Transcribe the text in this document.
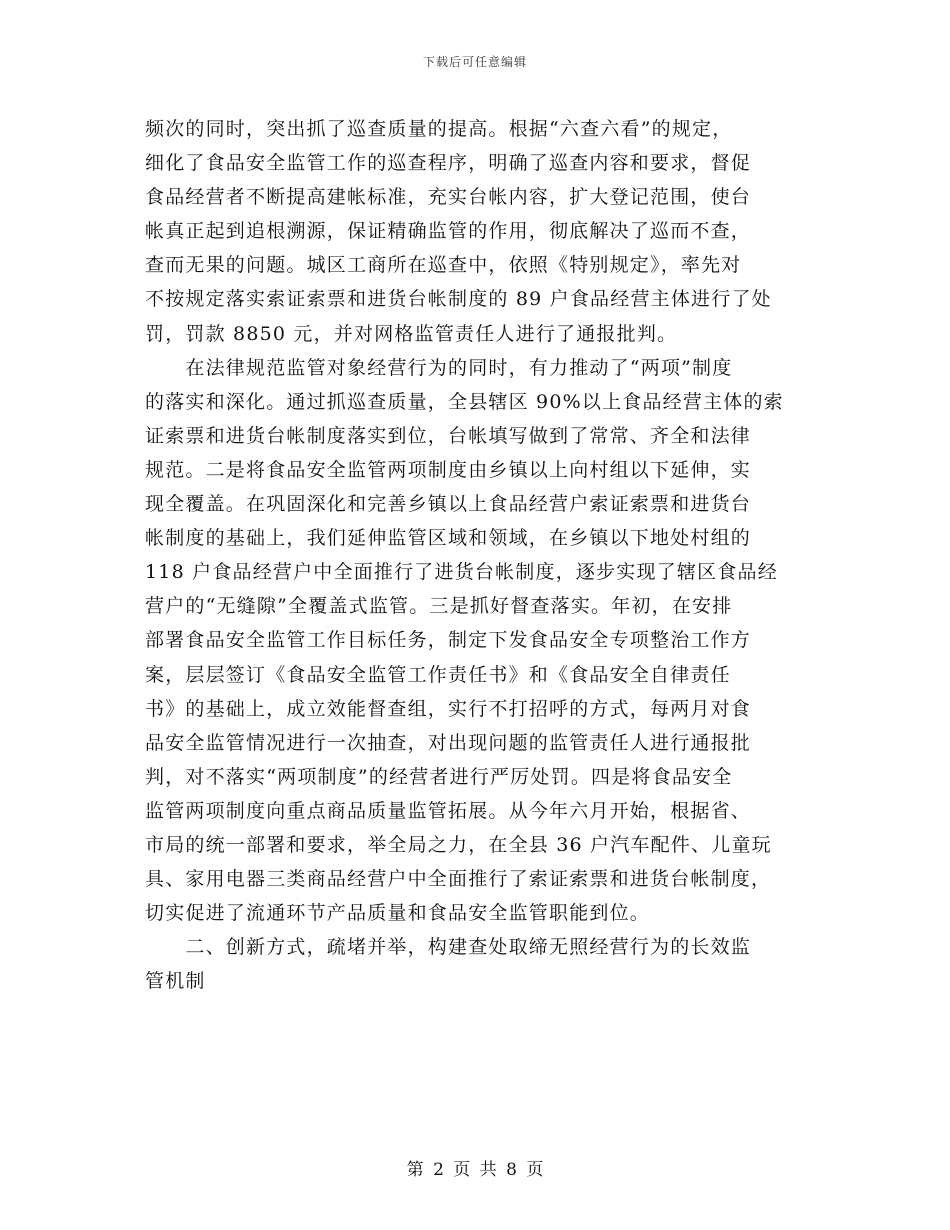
下载后可任意编辑
频次的同时，突出抓了巡查质量的提高。根据“六查六看”的规定，
细化了食品安全监管工作的巡查程序，明确了巡查内容和要求，督促
食品经营者不断提高建帐标准，充实台帐内容，扩大登记范围，使台
帐真正起到追根溯源，保证精确监管的作用，彻底解决了巡而不查，
查而无果的问题。城区工商所在巡查中，依照《特别规定》，率先对
不按规定落实索证索票和进货台帐制度的 89 户食品经营主体进行了处
罚，罚款 8850 元，并对网格监管责任人进行了通报批判。
　　在法律规范监管对象经营行为的同时，有力推动了“两项”制度
的落实和深化。通过抓巡查质量，全县辖区 90%以上食品经营主体的索
证索票和进货台帐制度落实到位，台帐填写做到了常常、齐全和法律
规范。二是将食品安全监管两项制度由乡镇以上向村组以下延伸，实
现全覆盖。在巩固深化和完善乡镇以上食品经营户索证索票和进货台
帐制度的基础上，我们延伸监管区域和领域，在乡镇以下地处村组的
118 户食品经营户中全面推行了进货台帐制度，逐步实现了辖区食品经
营户的“无缝隙”全覆盖式监管。三是抓好督查落实。年初，在安排
部署食品安全监管工作目标任务，制定下发食品安全专项整治工作方
案，层层签订《食品安全监管工作责任书》和《食品安全自律责任
书》的基础上，成立效能督查组，实行不打招呼的方式，每两月对食
品安全监管情况进行一次抽查，对出现问题的监管责任人进行通报批
判，对不落实“两项制度”的经营者进行严厉处罚。四是将食品安全
监管两项制度向重点商品质量监管拓展。从今年六月开始，根据省、
市局的统一部署和要求，举全局之力，在全县 36 户汽车配件、儿童玩
具、家用电器三类商品经营户中全面推行了索证索票和进货台帐制度，
切实促进了流通环节产品质量和食品安全监管职能到位。
　　二、创新方式，疏堵并举，构建查处取缔无照经营行为的长效监
管机制
第 2 页 共 8 页
